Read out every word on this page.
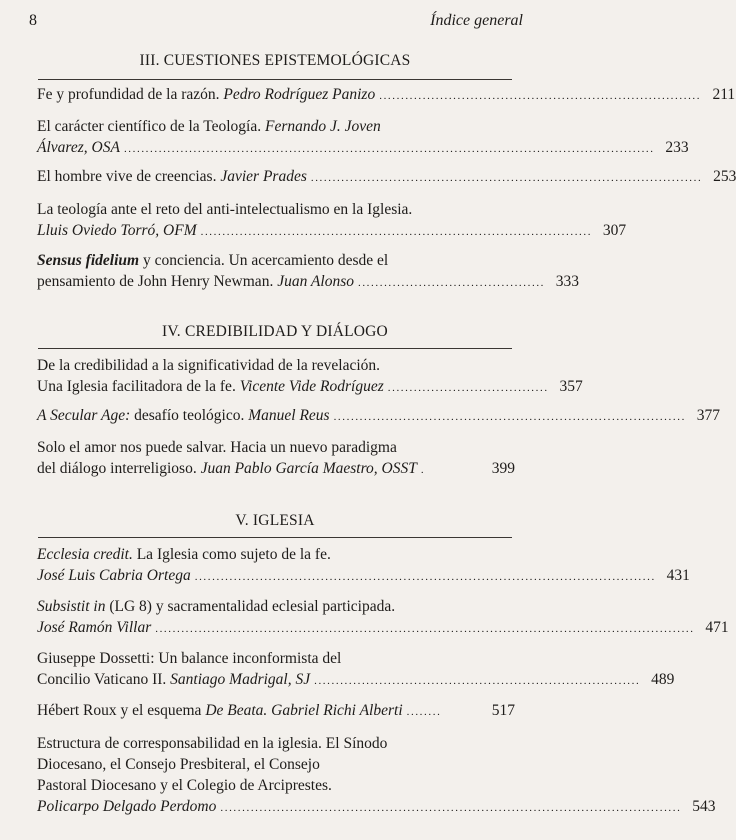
8	Índice general
III. CUESTIONES EPISTEMOLÓGICAS
Fe y profundidad de la razón. Pedro Rodríguez Panizo .......................................................................... 211
El carácter científico de la Teología. Fernando J. Joven
Álvarez, OSA .......................................................................................................................... 233
El hombre vive de creencias. Javier Prades .......................................................................................... 253
La teología ante el reto del anti-intelectualismo en la Iglesia.
Lluis Oviedo Torró, OFM .......................................................................................... 307
Sensus fidelium y conciencia. Un acercamiento desde el
pensamiento de John Henry Newman. Juan Alonso ........................................... 333
IV. CREDIBILIDAD Y DIÁLOGO
De la credibilidad a la significatividad de la revelación.
Una Iglesia facilitadora de la fe. Vicente Vide Rodríguez ..................................... 357
A Secular Age: desafío teológico. Manuel Reus ................................................................................. 377
Solo el amor nos puede salvar. Hacia un nuevo paradigma
del diálogo interreligioso. Juan Pablo García Maestro, OSST .	399
V. IGLESIA
Ecclesia credit. La Iglesia como sujeto de la fe.
José Luis Cabria Ortega .......................................................................................................... 431
Subsistit in (LG 8) y sacramentalidad eclesial participada.
José Ramón Villar ............................................................................................................................ 471
Giuseppe Dossetti: Un balance inconformista del
Concilio Vaticano II. Santiago Madrigal, SJ ........................................................................... 489
Hébert Roux y el esquema De Beata. Gabriel Richi Alberti ........	517
Estructura de corresponsabilidad en la iglesia. El Sínodo
Diocesano, el Consejo Presbiteral, el Consejo
Pastoral Diocesano y el Colegio de Arciprestes.
Policarpo Delgado Perdomo .......................................................................................................... 543
